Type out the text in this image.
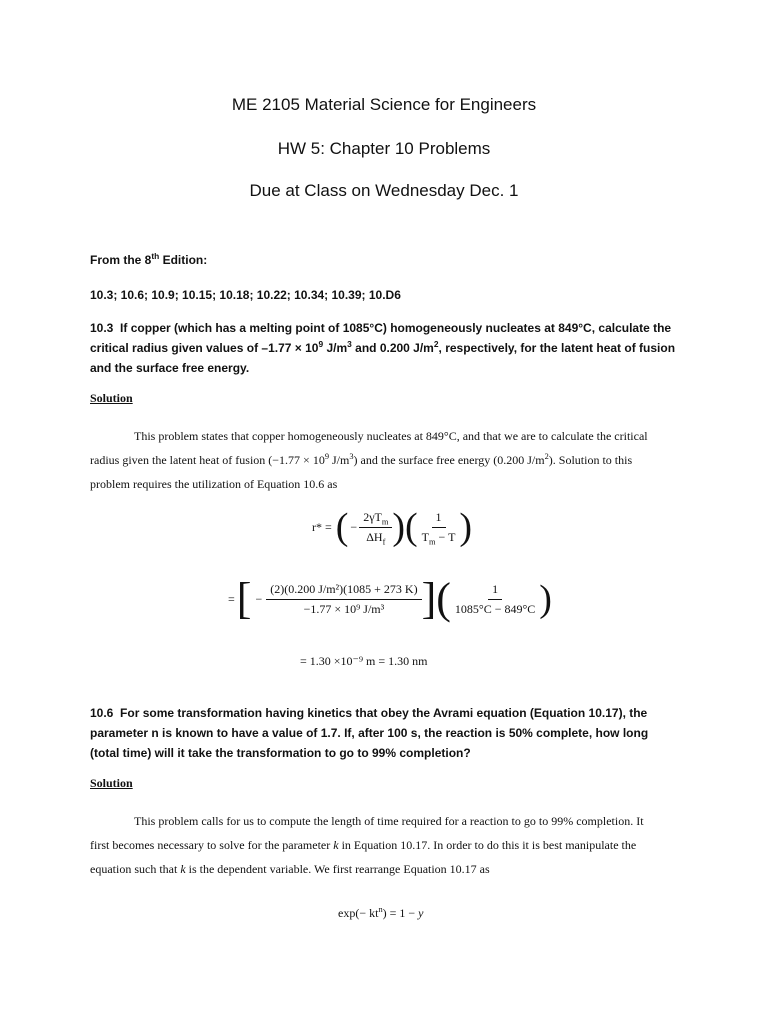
ME 2105 Material Science for Engineers
HW 5: Chapter 10 Problems
Due at Class on Wednesday Dec. 1
From the 8th Edition:
10.3; 10.6; 10.9; 10.15; 10.18; 10.22; 10.34; 10.39; 10.D6
10.3 If copper (which has a melting point of 1085°C) homogeneously nucleates at 849°C, calculate the
critical radius given values of $-1.77 \times 10^9$ $J/m^3$ and 0.200 $J/m^2$, respectively, for the latent heat of fusion
and the surface free energy.
Solution
This problem states that copper homogeneously nucleates at 849°C, and that we are to calculate the critical
radius given the latent heat of fusion ($-1.77 \times 10^9$ $J/m^3$) and the surface free energy (0.200 $J/m^2$). Solution to this
problem requires the utilization of Equation 10.6 as
r* = ( − $\frac{2\gamma T_m}{\Delta H_f}$ )( $\frac{1}{T_m - T}$ )
= [ − $\frac{\text{(2)(0.200 J/m²)(1085 + 273 K)}}{\text{−1.77 × 10⁹ J/m³}}$ ]( $\frac{1}{1085^\circ C - 849^\circ C}$ )
= 1.30 ×10⁻⁹ m = 1.30 nm
10.6 For some transformation having kinetics that obey the Avrami equation (Equation 10.17), the
parameter n is known to have a value of 1.7. If, after 100 s, the reaction is 50% complete, how long
(total time) will it take the transformation to go to 99% completion?
Solution
This problem calls for us to compute the length of time required for a reaction to go to 99% completion. It
first becomes necessary to solve for the parameter k in Equation 10.17. In order to do this it is best manipulate the
equation such that k is the dependent variable. We first rearrange Equation 10.17 as
$\exp(- kt^n) = 1 - y$
